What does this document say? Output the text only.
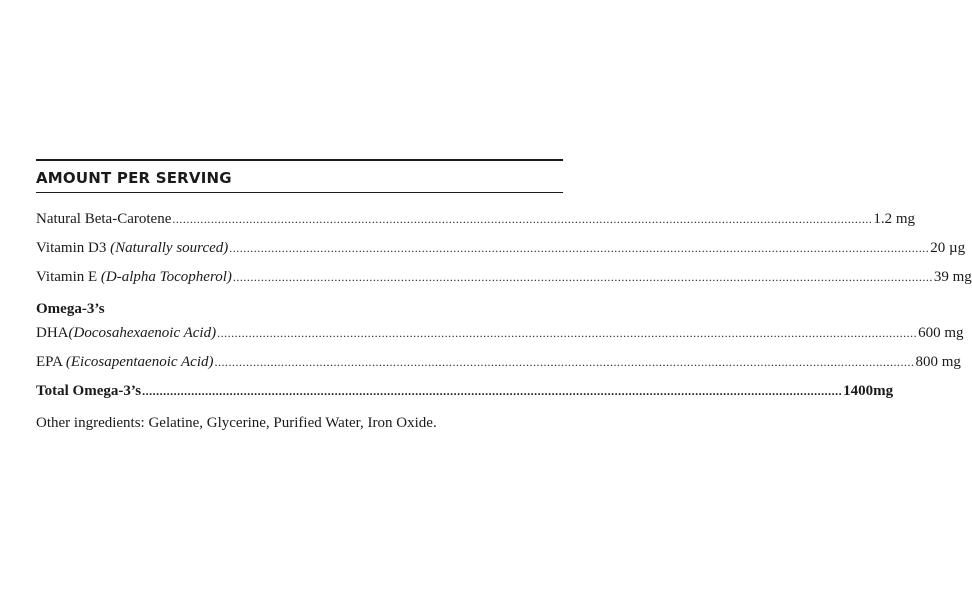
AMOUNT PER SERVING
Natural Beta-Carotene ........................................................................................................................................................................................................ 1.2 mg
Vitamin D3 (Naturally sourced) ........................................................................................................................................................................................................ 20 µg
Vitamin E (D-alpha Tocopherol) ........................................................................................................................................................................................................ 39 mg
Omega-3’s
DHA(Docosahexaenoic Acid) ........................................................................................................................................................................................................ 600 mg
EPA (Eicosapentaenoic Acid) ........................................................................................................................................................................................................ 800 mg
Total Omega-3’s ........................................................................................................................................................................................................ 1400mg
Other ingredients: Gelatine, Glycerine, Purified Water, Iron Oxide.
